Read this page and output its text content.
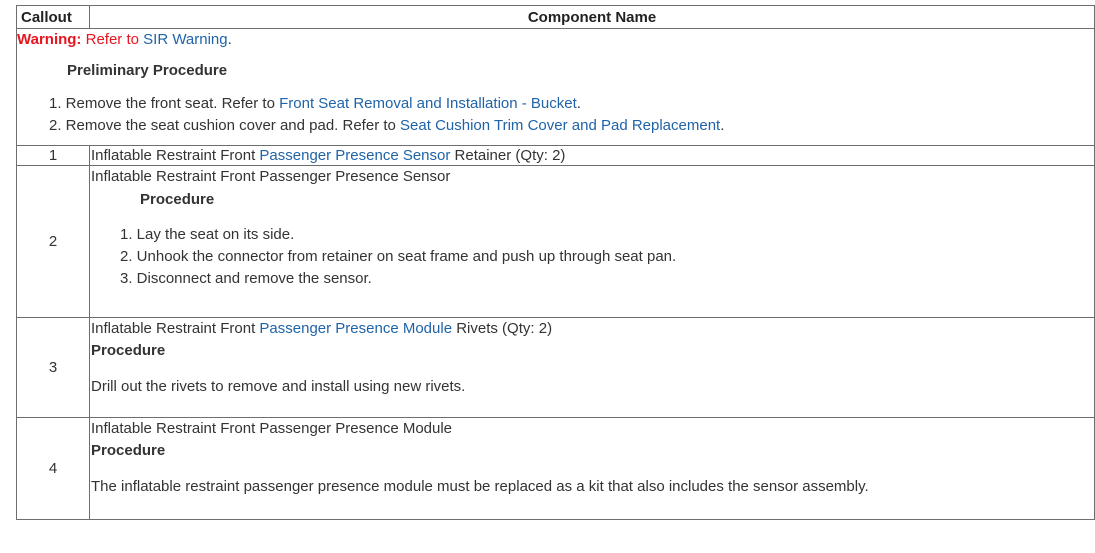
Callout	Component Name

Warning: Refer to SIR Warning.
Preliminary Procedure
1. Remove the front seat. Refer to Front Seat Removal and Installation - Bucket.
2. Remove the seat cushion cover and pad. Refer to Seat Cushion Trim Cover and Pad Replacement.	

1	Inflatable Restraint Front Passenger Presence Sensor Retainer (Qty: 2)
2	Inflatable Restraint Front Passenger Presence Sensor
Procedure
1. Lay the seat on its side.
2. Unhook the connector from retainer on seat frame and push up through seat pan.
3. Disconnect and remove the sensor.

3	Inflatable Restraint Front Passenger Presence Module Rivets (Qty: 2)
Procedure
Drill out the rivets to remove and install using new rivets.

4	Inflatable Restraint Front Passenger Presence Module
Procedure
The inflatable restraint passenger presence module must be replaced as a kit that also includes the sensor assembly.
